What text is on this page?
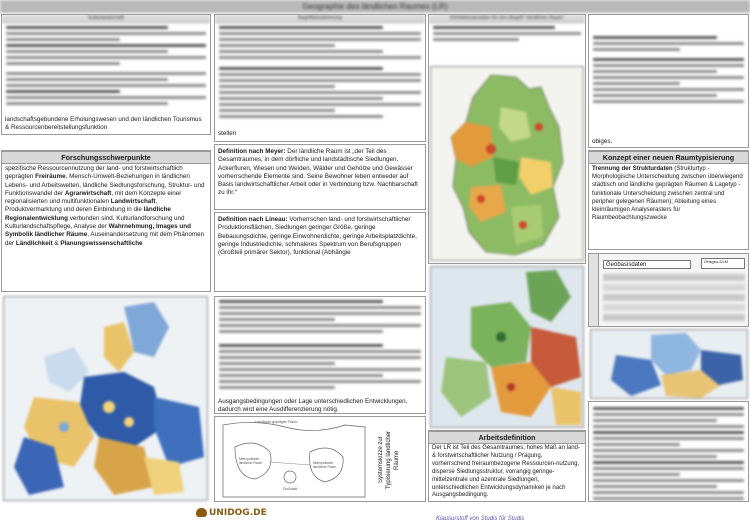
Geographie des ländlichen Raumes (LR)
Kulturlandschaft
landschaftsgebundene Erholungswesen und den ländlichen Tourismus & Ressourcenbereitstellungsfunktion
Forschungsschwerpunkte
spezifische Ressourcennutzung der land- und forstwirtschaftlich geprägten Freiräume, Mensch-Umwelt-Beziehungen in ländlichen Lebens- und Arbeitswelten, ländliche Siedlungsforschung, Struktur- und Funktionswandel der Agrarwirtschaft, mit dem Konzepte einer regionalisierten und multifunktionalen Landwirtschaft, Produktvermarktung und deren Einbindung in die ländliche Regionalentwicklung verbunden sind, Kulturlandforschung und Kulturlandschaftspflege, Analyse der Wahrnehmung, Images und Symbolik ländlicher Räume, Auseinandersetzung mit dem Phänomen der Ländlichkeit & Planungswissenschaftliche
Begriffsbestimmung
stellen
Definition nach Meyer: Der ländliche Raum ist „der Teil des Gesamtraumes, in dem dörfliche und landstädtische Siedlungen, Ackerfluren, Wiesen und Weiden, Wälder und Gehölze und Gewässer vorherrschende Elemente sind. Seine Bewohner leben entweder auf Basis landwirtschaftlicher Arbeit oder in Verbindung bzw. Nachbarschaft zu ihr.“
Definition nach Lineau: Vorherrschen land- und forstwirtschaftlicher Produktionsflächen, Siedlungen geringer Größe, geringe Bebauungsdichte, geringe Einwohnerdichte, geringe Arbeitsplatzdichte, geringe Industriedichte, schmaleres Spektrum von Berufsgruppen (Großteil primärer Sektor), funktional (Abhängie
Ausgangsbedingungen oder Lage unterschiedlichen Entwicklungen, dadurch wird eine Ausdifferenzierung nötig.
Landlicher geprägter Raum
Metropolitaner ländlicher Raum	Metropolitaner ländlicher Raum
Großstadt
Systemskizze zur Typisierung ländlicher Räume
Definitionsansätze für den Begriff "ländlicher Raum"
Arbeitsdefinition
Der LR ist Teil des Gesamtraumes, hohes Maß an land- & forstwirtschaftlicher Nutzung / Prägung, vorherrschend freiraumbezogene Ressourcen-nutzung, disperse Siedlungsstruktur, vorrangig geringe- mittelzentrale und azentrale Siedlungen, unterschiedlichen Entwicklungsdynamiken je nach Ausgangsbedingung.
obiges.
Konzept einer neuen Raumtypisierung
Trennung der Strukturdaten (Strukturtyp - Morphologische Unterscheidung zwischen überwiegend städtisch und ländliche geprägten Räumen & Lagetyp - funktionale Unterscheidung zwischen zentral und peripher gelegenen Räumen); Ableitung eines kleinräumigen Analyserasters für Raumbeobachtungszwecke
Geobasisdaten
Ortsgeo-DLM
UNIDOG.DE
Klausurstoff von Studis für Studis
